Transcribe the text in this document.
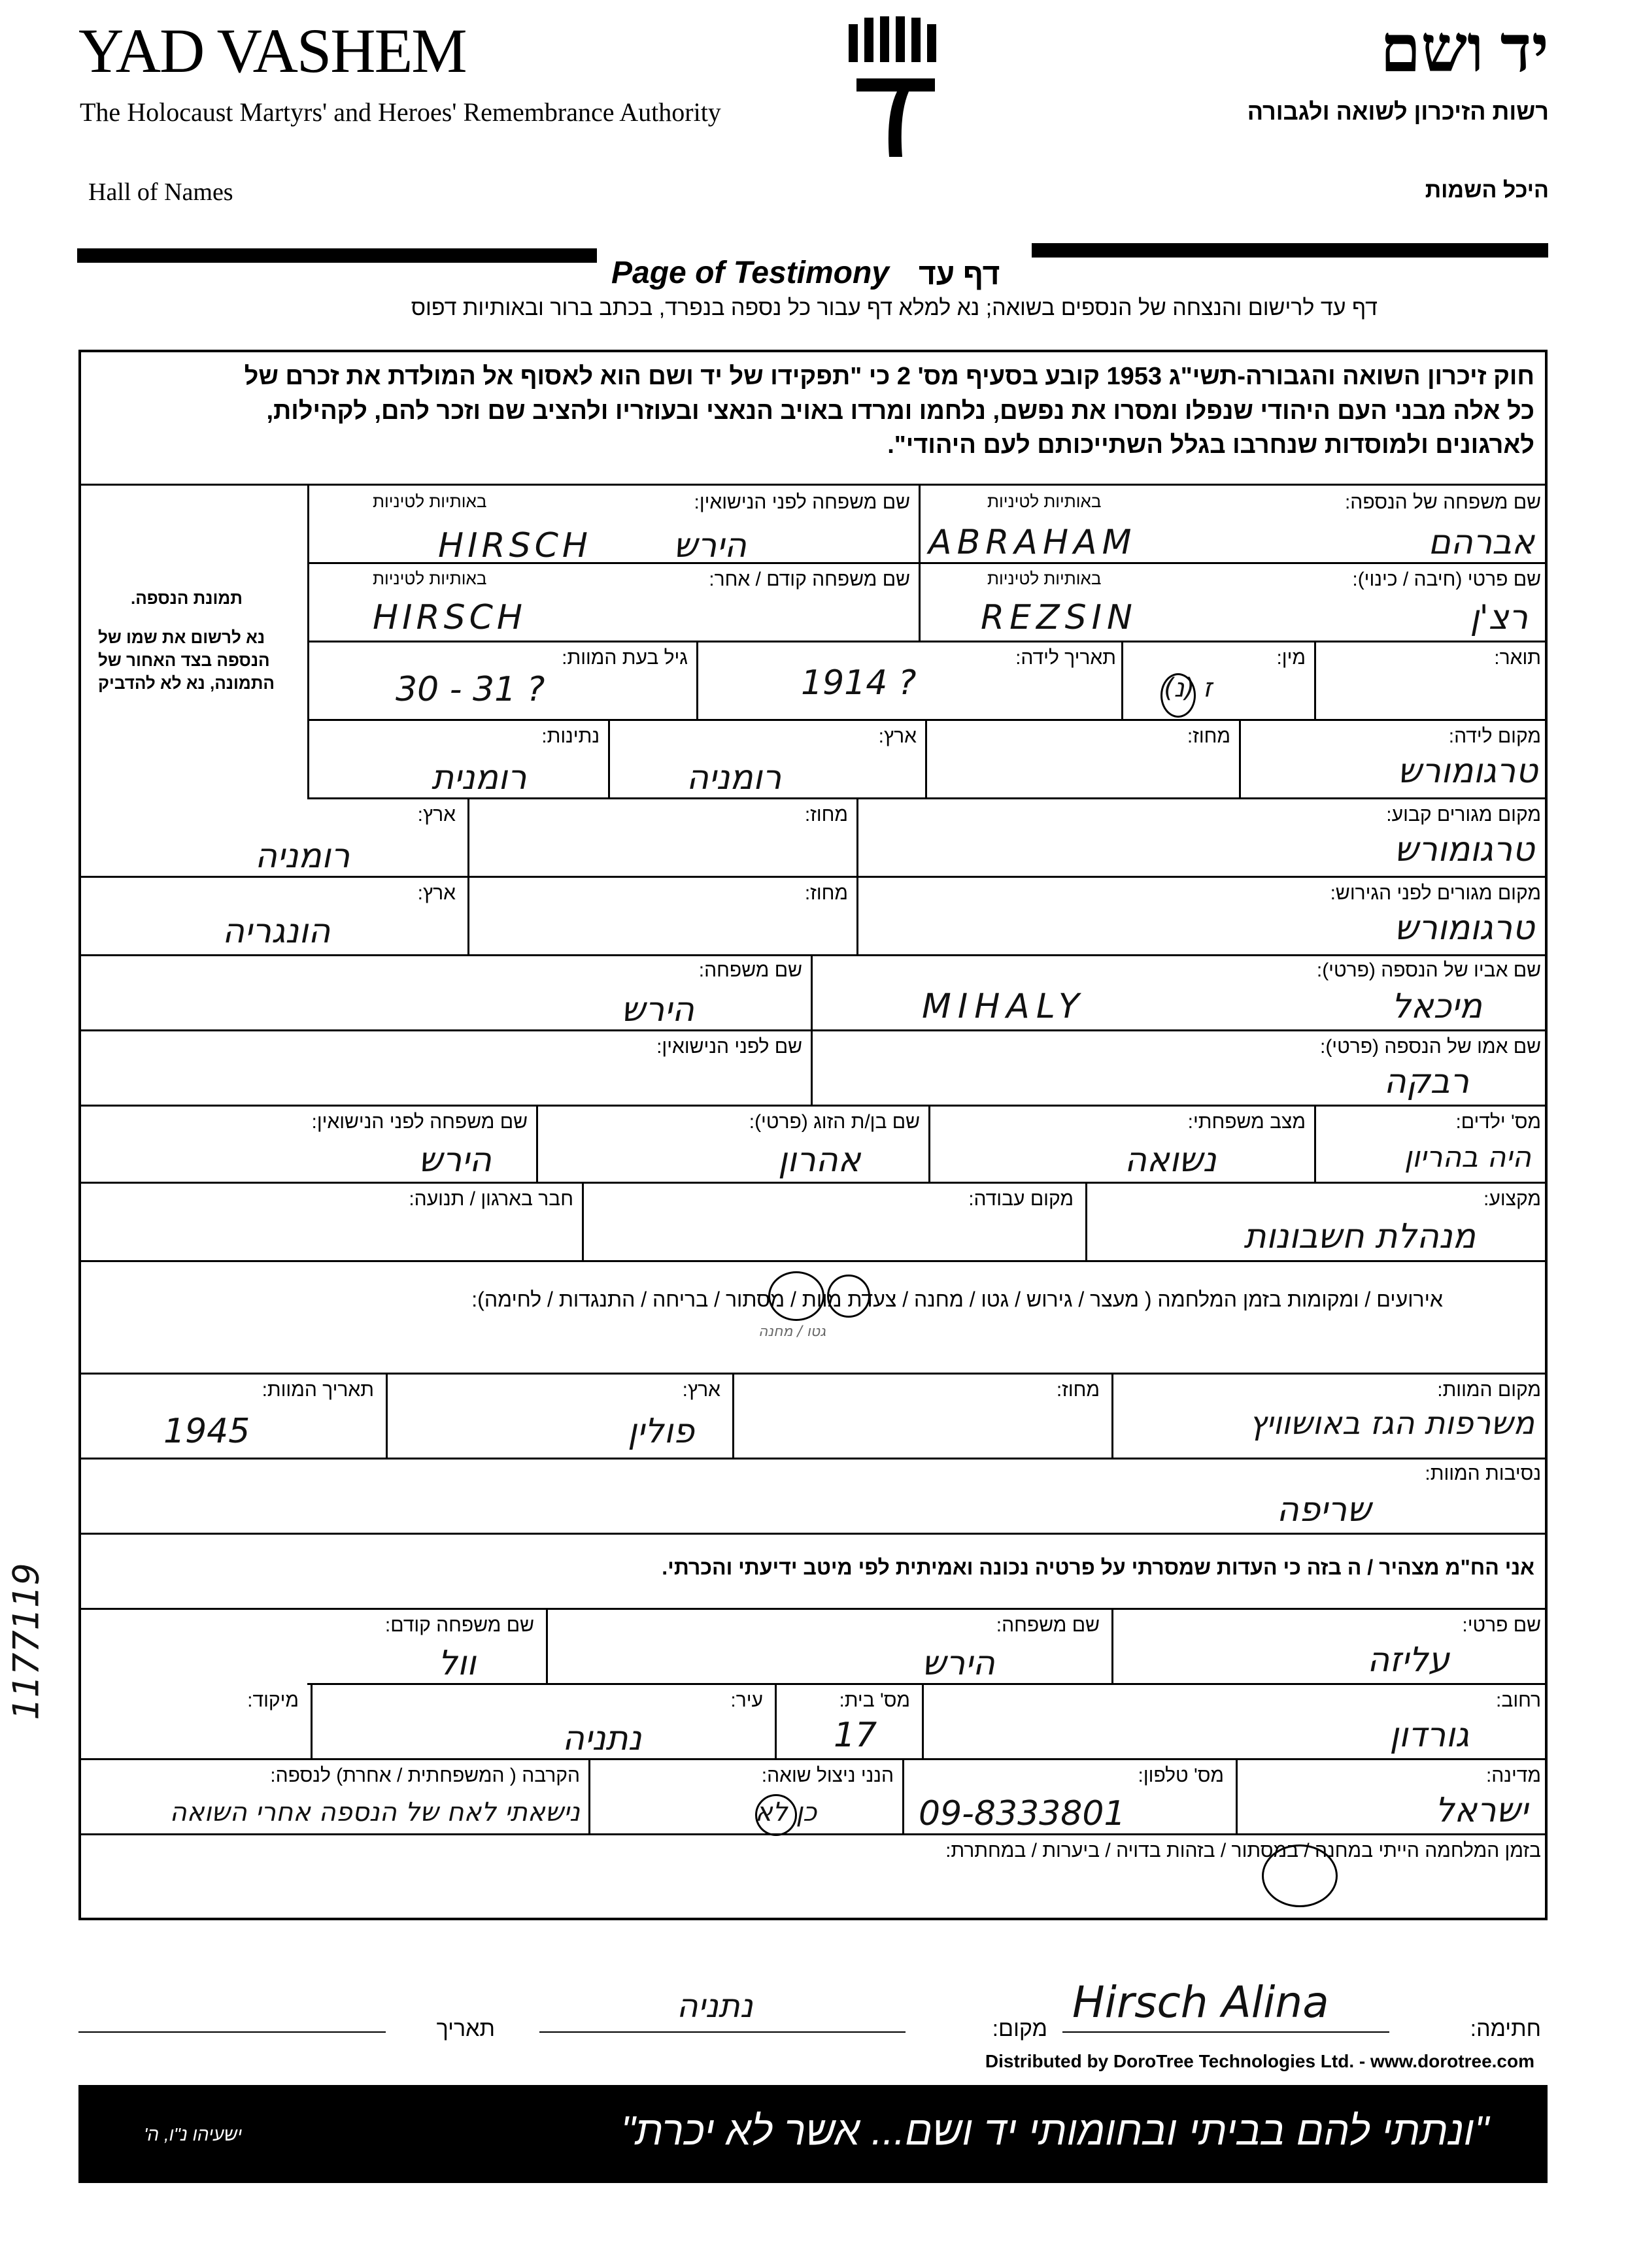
YAD VASHEM
The Holocaust Martyrs' and Heroes' Remembrance Authority
Hall of Names
יד ושם
רשות הזיכרון לשואה ולגבורה
היכל השמות
Page of Testimony דף עד
דף עד לרישום והנצחה של הנספים בשואה; נא למלא דף עבור כל נספה בנפרד, בכתב ברור ובאותיות דפוס
חוק זיכרון השואה והגבורה-תשי"ג 1953 קובע בסעיף מס' 2 כי "תפקידו של יד ושם הוא לאסוף אל המולדת את זכרם של
כל אלה מבני העם היהודי שנפלו ומסרו את נפשם, נלחמו ומרדו באויב הנאצי ובעוזריו ולהציב שם וזכר להם, לקהילות,
לארגונים ולמוסדות שנחרבו בגלל השתייכותם לעם היהודי".
תמונת הנספה.
נא לרשום את שמו של
הנספה בצד האחור של
התמונה, נא לא להדביק
שם משפחה של הנספה:
באותיות לטיניות
שם משפחה לפני הנישואין:
באותיות לטיניות
אברהם
ABRAHAM
הירש
HIRSCH
שם פרטי (חיבה / כינוי):
באותיות לטיניות
שם משפחה קודם / אחר:
באותיות לטיניות
רצ'ן
REZSIN
HIRSCH
תואר:
מין:
תאריך לידה:
גיל בעת המוות:
ז (נ)
1914 ?
30 - 31 ?
מקום לידה:
מחוז:
ארץ:
נתינות:
טרגומורש
רומניה
רומנית
מקום מגורים קבוע:
מחוז:
ארץ:
טרגומורש
רומניה
מקום מגורים לפני הגירוש:
מחוז:
ארץ:
טרגומורש
הונגריה
שם אביו של הנספה (פרטי):
שם משפחה:
מיכאל
MIHALY
הירש
שם אמו של הנספה (פרטי):
שם לפני הנישואין:
רבקה
מס' ילדים:
מצב משפחתי:
שם בן/ת הזוג (פרטי):
שם משפחה לפני הנישואין:
היה בהריון
נשואה
אהרון
הירש
מקצוע:
מקום עבודה:
חבר בארגון / תנועה:
מנהלת חשבונות
אירועים / ומקומות בזמן המלחמה ( מעצר / גירוש / גטו / מחנה / צעדת מוות / מסתור / בריחה / התנגדות / לחימה):
גטו / מחנה
מקום המוות:
מחוז:
ארץ:
תאריך המוות:
משרפות הגז באושוויץ
פולין
1945
נסיבות המוות:
שריפה
אני הח"מ מצהיר / ה בזה כי העדות שמסרתי על פרטיה נכונה ואמיתית לפי מיטב ידיעתי והכרתי.
שם פרטי:
שם משפחה:
שם משפחה קודם:
עליזה
הירש
וול
רחוב:
מס' בית:
עיר:
מיקוד:
גורדון
17
נתניה
מדינה:
מס' טלפון:
הנני ניצול שואה:
הקרבה ( המשפחתית / אחרת) לנספה:
ישראל
09-8333801
כן לא
נישאתי לאח של הנספה אחרי השואה
בזמן המלחמה הייתי במחנה / במסתור / בזהות בדויה / ביערות / במחתרת:
חתימה:
Hirsch Alina
מקום:
נתניה
תאריך
Distributed by DoroTree Technologies Ltd. - www.dorotree.com
"ונתתי להם בביתי ובחומותי יד ושם... אשר לא יכרת"
ישעיהו נ"ו, ה'
1177119
